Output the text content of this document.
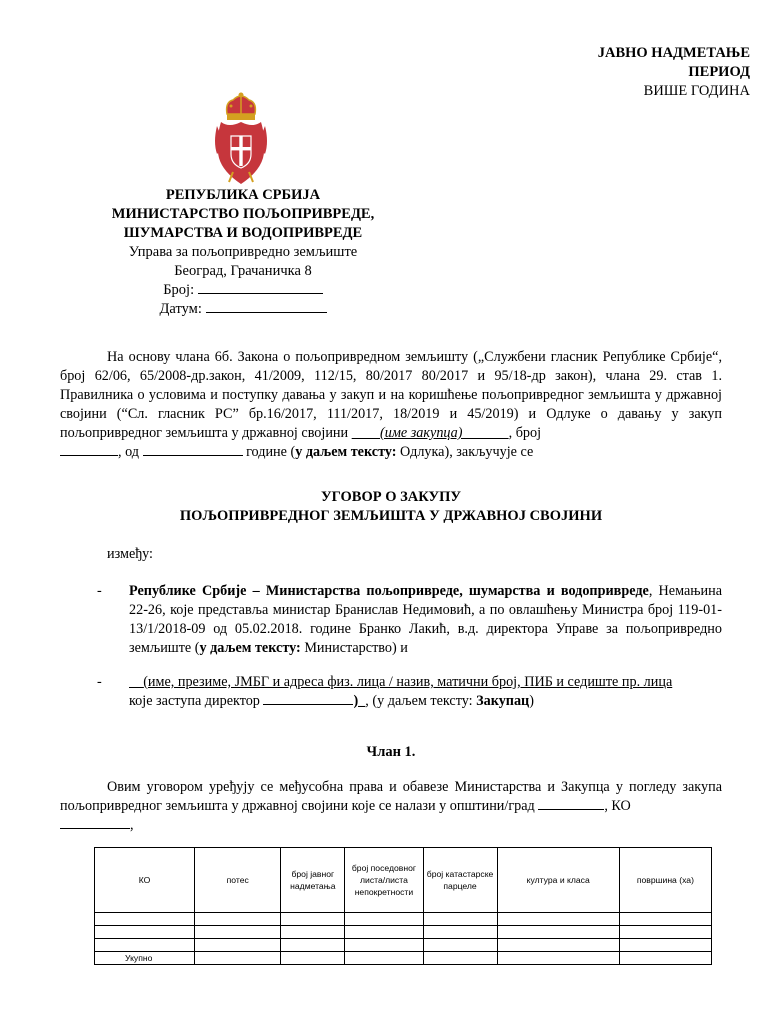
ЈАВНО НАДМЕТАЊЕ
ПЕРИОД
ВИШЕ ГОДИНА
РЕПУБЛИКА СРБИЈА
МИНИСТАРСТВО ПОЉОПРИВРЕДЕ,
ШУМАРСТВА И ВОДОПРИВРЕДЕ
Управа за пољопривредно земљиште
Београд, Грачаничка 8
Број:
Датум:
На основу члана 6б. Закона о пољопривредном земљишту („Службени гласник Републике Србије“, број 62/06, 65/2008-др.закон, 41/2009, 112/15, 80/2017 80/2017 и 95/18-др закон), члана 29. став 1. Правилника о условима и поступку давања у закуп и на коришћење пољопривредног земљишта у државној својини (“Сл. гласник РС” бр.16/2017, 111/2017, 18/2019 и 45/2019) и Одлуке о давању у закуп пољопривредног земљишта у државној својини         (име закупца)	, број
, од	године (у даљем тексту: Одлука), закључује се
УГОВОР О ЗАКУПУ
ПОЉОПРИВРЕДНОГ ЗЕМЉИШТА У ДРЖАВНОЈ СВОЈИНИ
између:
- Републике Србије – Министарства пољопривреде, шумарства и водопривреде, Немањина 22-26, које представља министар Бранислав Недимовић, а по овлашћењу Министра број 119-01-13/1/2018-09 од 05.02.2018. године Бранко Лакић, в.д. директора Управе за пољопривредно земљиште (у даљем тексту: Министарство) и
-	(име, презиме, ЈМБГ и адреса физ. лица / назив, матични број, ПИБ и седиште пр. лица
које заступа директор	)_, (у даљем тексту: Закупац)
Члан 1.
Овим уговором уређују се међусобна права и обавезе Министарства и Закупца у погледу закупа пољопривредног земљишта у државној својини које се налази у општини/град	, КО
,
КО	потес	број јавног надметања	број поседовног листа/листа непокретности	број катастарске парцеле	култура и класа	површина (ха)

Укупно						
